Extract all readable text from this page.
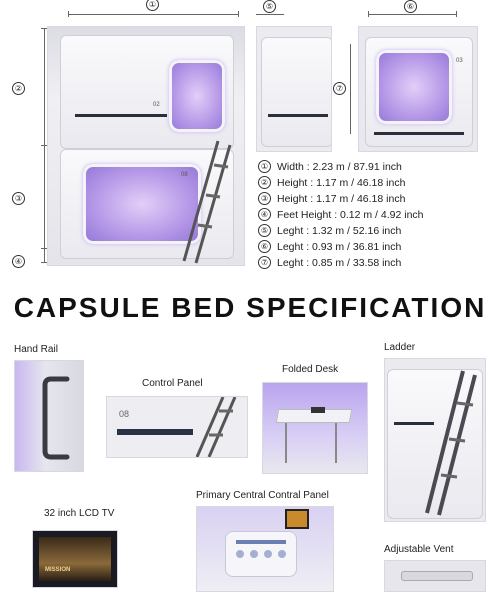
①	⑤	⑥
②
③
④
⑦
02
08
03
① Width : 2.23 m / 87.91 inch
② Height : 1.17 m / 46.18 inch
③ Height : 1.17 m / 46.18 inch
④ Feet Height : 0.12 m / 4.92 inch
⑤ Leght : 1.32 m / 52.16 inch
⑥ Leght : 0.93 m / 36.81 inch
⑦ Leght : 0.85 m / 33.58 inch
CAPSULE BED SPECIFICATION
Hand Rail
Control Panel
Folded Desk
Ladder
32 inch LCD TV
Primary Central Contral Panel
Adjustable Vent
08
MISSION
